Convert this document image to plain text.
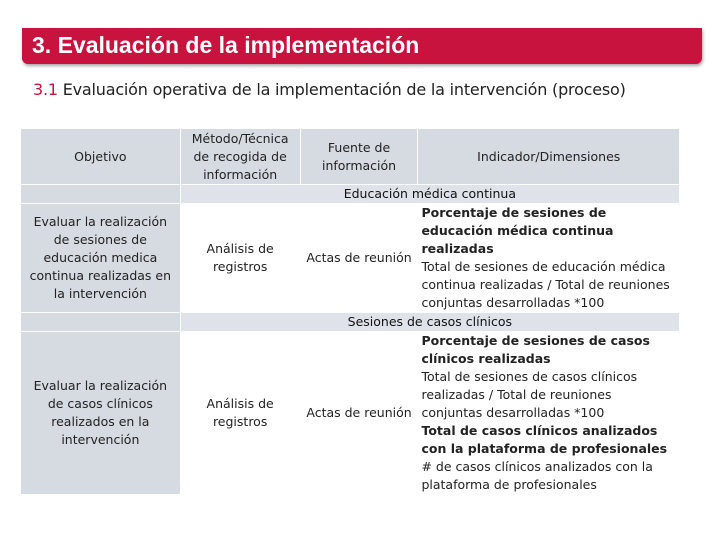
3. Evaluación de la implementación
3.1 Evaluación operativa de la implementación de la intervención (proceso)
Objetivo	Método/Técnica de recogida de información	Fuente de información	Indicador/Dimensiones
	Educación médica continua		
Evaluar la realización de sesiones de educación medica continua realizadas en la intervención	Análisis de registros	Actas de reunión	Porcentaje de sesiones de educación médica continua realizadas
Total de sesiones de educación médica continua realizadas / Total de reuniones conjuntas desarrolladas *100

	Sesiones de casos clínicos		
Evaluar la realización de casos clínicos realizados en la intervención	Análisis de registros	Actas de reunión	Porcentaje de sesiones de casos clínicos realizadas
Total de sesiones de casos clínicos realizadas / Total de reuniones conjuntas desarrolladas *100
Total de casos clínicos analizados con la plataforma de profesionales
# de casos clínicos analizados con la plataforma de profesionales
